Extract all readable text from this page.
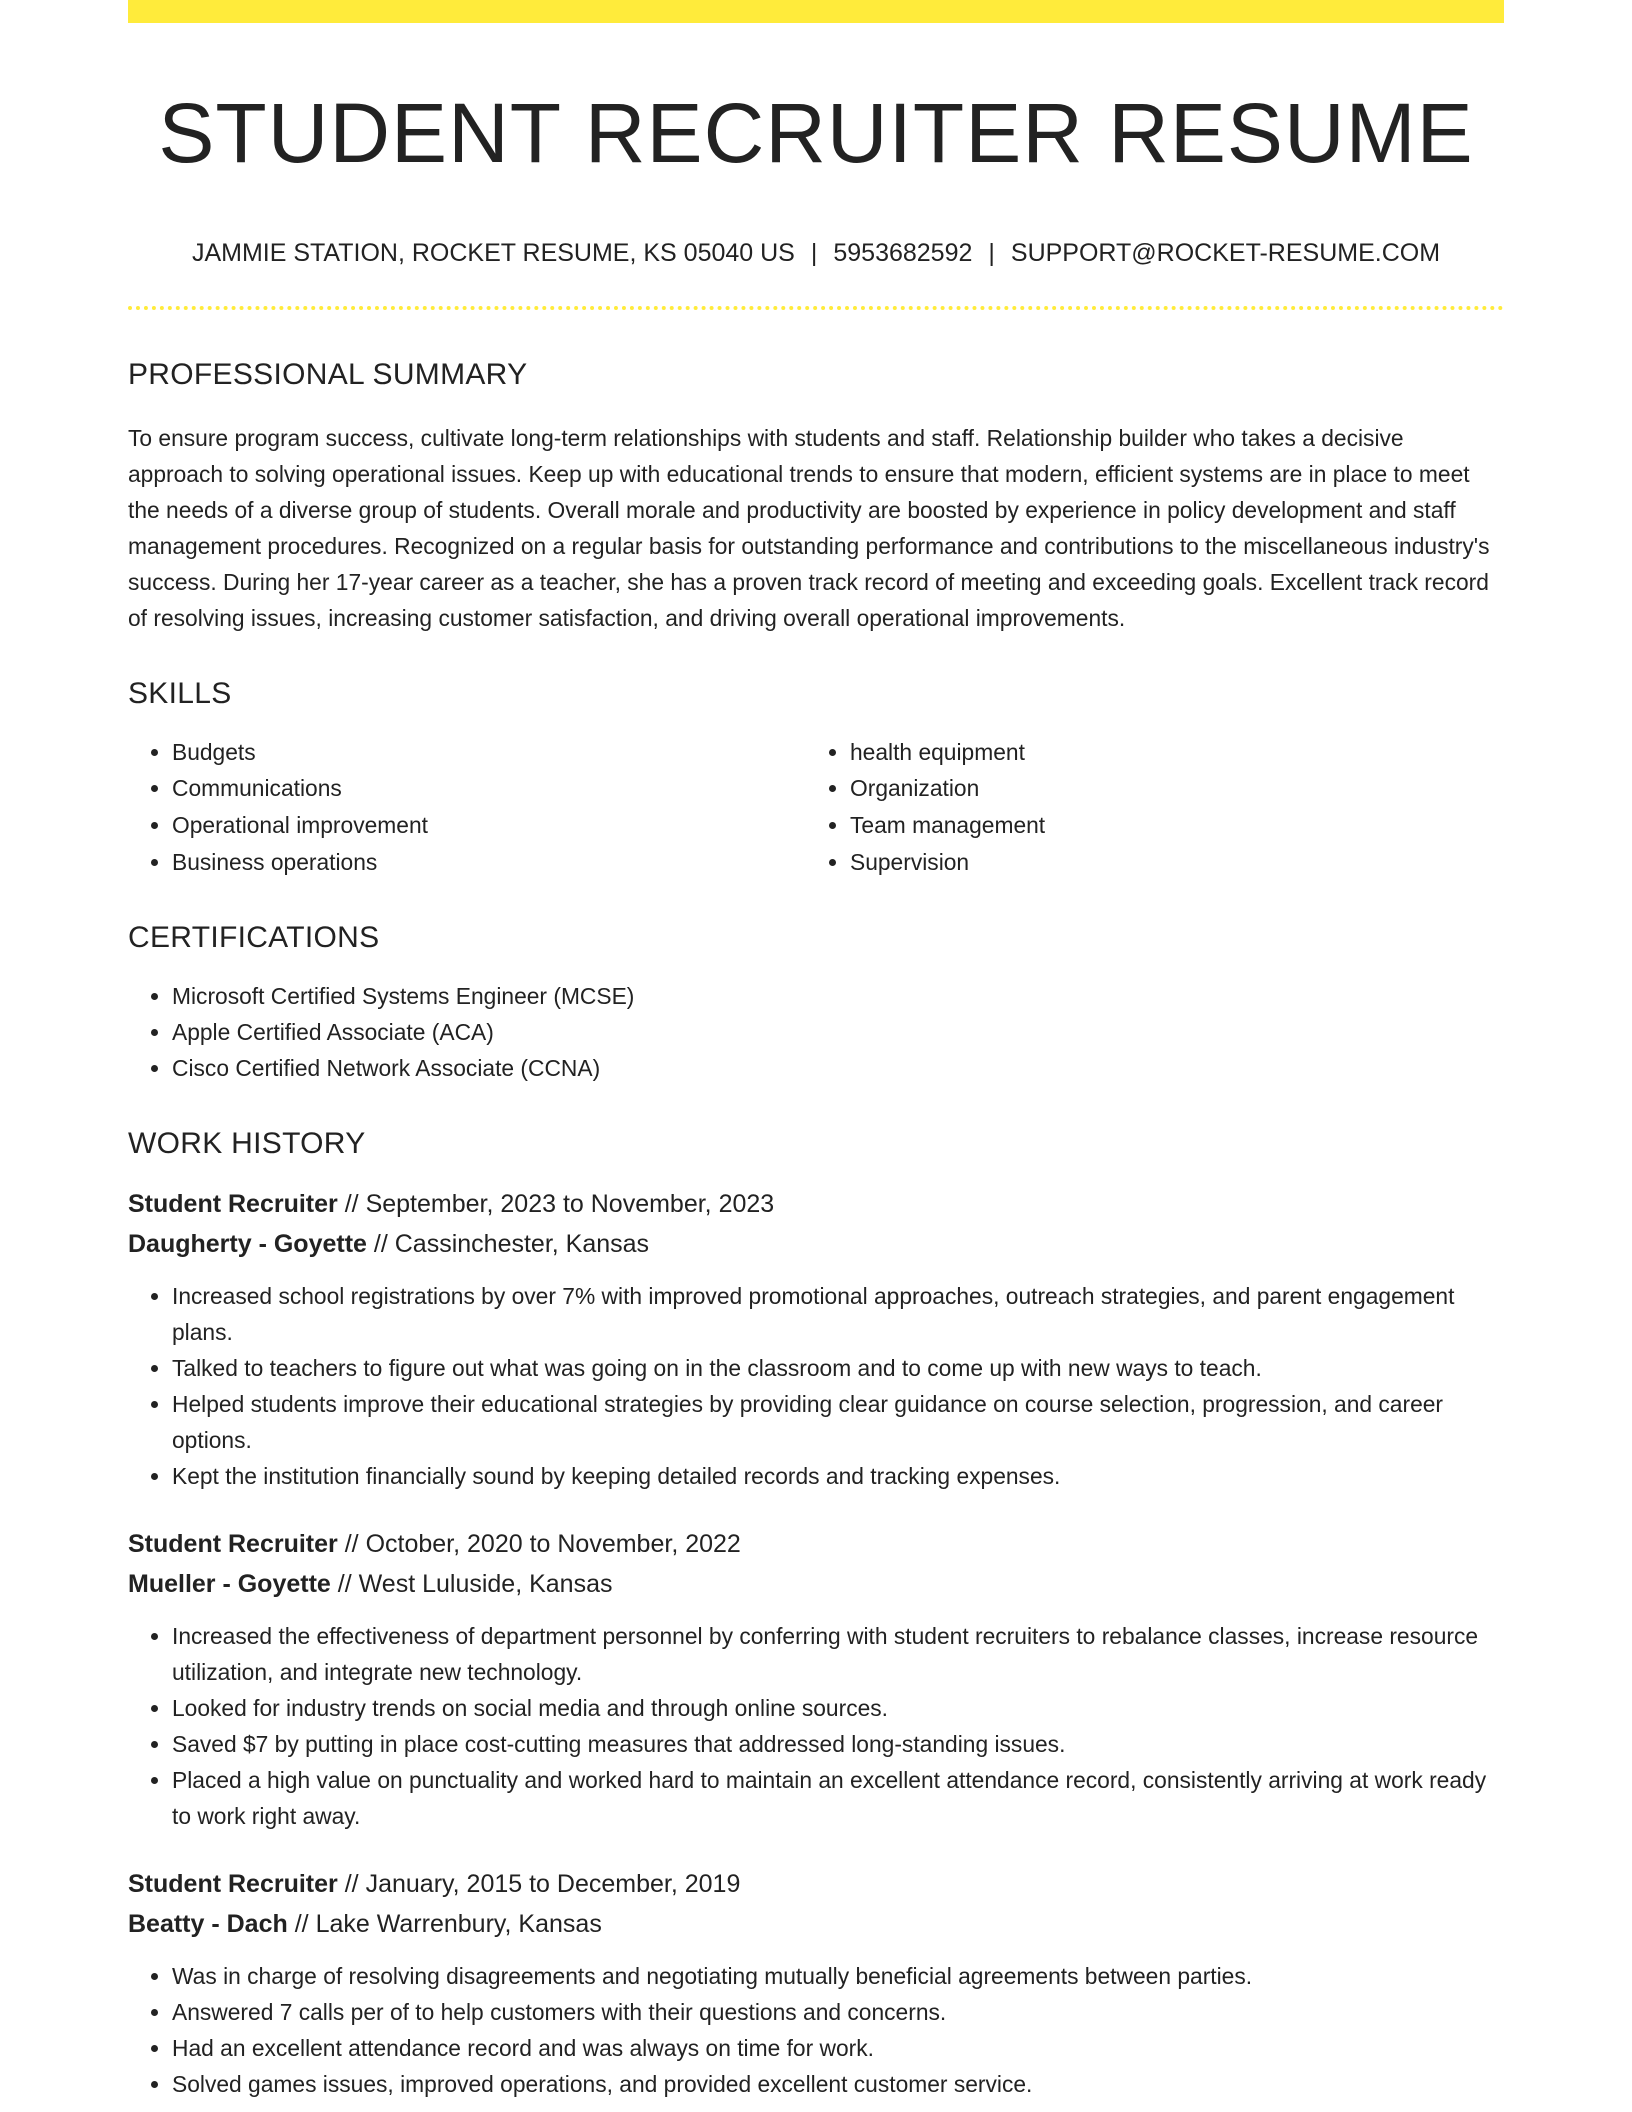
STUDENT RECRUITER RESUME
JAMMIE STATION, ROCKET RESUME, KS 05040 US | 5953682592 | SUPPORT@ROCKET-RESUME.COM
PROFESSIONAL SUMMARY

To ensure program success, cultivate long-term relationships with students and staff. Relationship builder who takes a decisive approach to solving operational issues. Keep up with educational trends to ensure that modern, efficient systems are in place to meet the needs of a diverse group of students. Overall morale and productivity are boosted by experience in policy development and staff management procedures. Recognized on a regular basis for outstanding performance and contributions to the miscellaneous industry's success. During her 17-year career as a teacher, she has a proven track record of meeting and exceeding goals. Excellent track record of resolving issues, increasing customer satisfaction, and driving overall operational improvements.

SKILLS
• Budgets
• Communications
• Operational improvement
• Business operations
• health equipment
• Organization
• Team management
• Supervision
CERTIFICATIONS
• Microsoft Certified Systems Engineer (MCSE)
• Apple Certified Associate (ACA)
• Cisco Certified Network Associate (CCNA)
WORK HISTORY
Student Recruiter // September, 2023 to November, 2023
Daugherty - Goyette // Cassinchester, Kansas
• Increased school registrations by over 7% with improved promotional approaches, outreach strategies, and parent engagement plans.
• Talked to teachers to figure out what was going on in the classroom and to come up with new ways to teach.
• Helped students improve their educational strategies by providing clear guidance on course selection, progression, and career options.
• Kept the institution financially sound by keeping detailed records and tracking expenses.
Student Recruiter // October, 2020 to November, 2022
Mueller - Goyette // West Luluside, Kansas
• Increased the effectiveness of department personnel by conferring with student recruiters to rebalance classes, increase resource utilization, and integrate new technology.
• Looked for industry trends on social media and through online sources.
• Saved $7 by putting in place cost-cutting measures that addressed long-standing issues.
• Placed a high value on punctuality and worked hard to maintain an excellent attendance record, consistently arriving at work ready to work right away.
Student Recruiter // January, 2015 to December, 2019
Beatty - Dach // Lake Warrenbury, Kansas
• Was in charge of resolving disagreements and negotiating mutually beneficial agreements between parties.
• Answered 7 calls per of to help customers with their questions and concerns.
• Had an excellent attendance record and was always on time for work.
• Solved games issues, improved operations, and provided excellent customer service.
